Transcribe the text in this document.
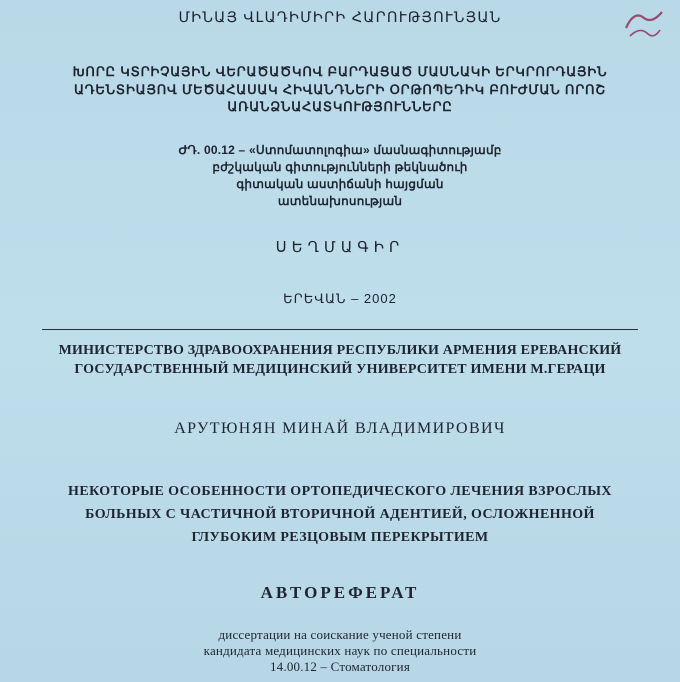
ՄԻՆԱՅ ՎԼԱԴԻՄԻՐԻ ՀԱՐՈՒԹՅՈՒՆՅԱՆ
ԽՈՐԸ ԿՏՐԻՉԱՅԻՆ ՎԵՐԱԾԱԾԿՈՎ ԲԱՐԴԱՑԱԾ ՄԱՍՆԱԿԻ ԵՐԿՐՈՐԴԱՅԻՆ
ԱԴԵՆՏԻԱՅՈՎ ՄԵԾԱՀԱՍԱԿ ՀԻՎԱՆԴՆԵՐԻ ՕՐԹՈՊԵԴԻԿ ԲՈՒԺՄԱՆ ՈՐՈՇ
ԱՌԱՆՁՆԱՀԱՏԿՈՒԹՅՈՒՆՆԵՐԸ
ԺԴ. 00.12 – «Ստոմատոլոգիա» մասնագիտությամբ
բժշկական գիտությունների թեկնածուի
գիտական աստիճանի հայցման
ատենախոսության
ՍԵՂՄԱԳԻՐ
ԵՐԵՎԱՆ – 2002
МИНИСТЕРСТВО ЗДРАВООХРАНЕНИЯ РЕСПУБЛИКИ АРМЕНИЯ ЕРЕВАНСКИЙ
ГОСУДАРСТВЕННЫЙ МЕДИЦИНСКИЙ УНИВЕРСИТЕТ ИМЕНИ М.ГЕРАЦИ
АРУТЮНЯН МИНАЙ ВЛАДИМИРОВИЧ
НЕКОТОРЫЕ ОСОБЕННОСТИ ОРТОПЕДИЧЕСКОГО ЛЕЧЕНИЯ ВЗРОСЛЫХ
БОЛЬНЫХ С ЧАСТИЧНОЙ ВТОРИЧНОЙ АДЕНТИЕЙ, ОСЛОЖНЕННОЙ
ГЛУБОКИМ РЕЗЦОВЫМ ПЕРЕКРЫТИЕМ
АВТОРЕФЕРАТ
диссертации на соискание ученой степени
кандидата медицинских наук по специальности
14.00.12 – Стоматология
